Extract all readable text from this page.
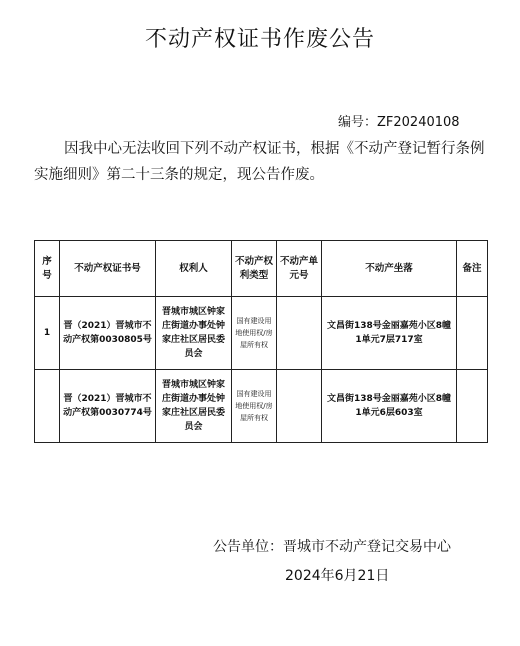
不动产权证书作废公告
编号：ZF20240108
因我中心无法收回下列不动产权证书，根据《不动产登记暂行条例实施细则》第二十三条的规定，现公告作废。
序号	不动产权证书号	权利人	不动产权利类型	不动产单元号	不动产坐落	备注
1	晋（2021）晋城市不动产权第0030805号	晋城市城区钟家庄街道办事处钟家庄社区居民委员会	国有建设用地使用权/房屋所有权		文昌街138号金丽嘉苑小区8幢1单元7层717室	
	晋（2021）晋城市不动产权第0030774号	晋城市城区钟家庄街道办事处钟家庄社区居民委员会	国有建设用地使用权/房屋所有权		文昌街138号金丽嘉苑小区8幢1单元6层603室	
公告单位：晋城市不动产登记交易中心
2024年6月21日
